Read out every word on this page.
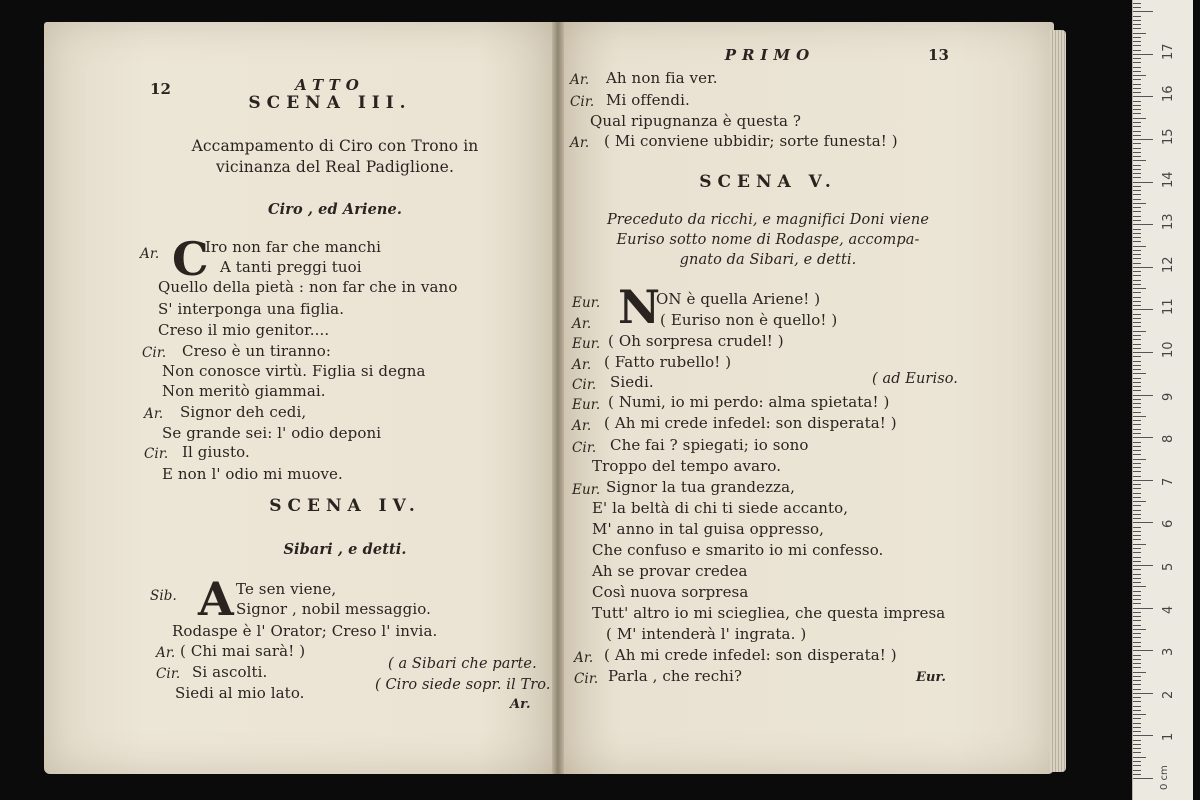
12	ATTO
SCENA III.
Accampamento di Ciro con Trono in
vicinanza del Real Padiglione.
Ciro , ed Ariene.
Ar. C
Iro non far che manchi
A tanti preggi tuoi
Quello della pietà : non far che in vano
S' interponga una figlia.
Creso il mio genitor....
Cir. Creso è un tiranno:
Non conosce virtù. Figlia si degna
Non meritò giammai.
Ar. Signor deh cedi,
Se grande sei: l' odio deponi
Cir. Il giusto.
E non l' odio mi muove.
SCENA IV.
Sibari , e detti.
Sib. A Te sen viene,
Signor , nobil messaggio.
Rodaspe è l' Orator; Creso l' invia.
Ar. ( Chi mai sarà! )
Cir. Si ascolti.
Siedi al mio lato.
( a Sibari che parte.
( Ciro siede sopr. il Tro.
Ar.
PRIMO	13
Ar. Ah non fia ver.
Cir. Mi offendi.
Qual ripugnanza è questa ?
Ar. ( Mi conviene ubbidir; sorte funesta! )
SCENA V.
Preceduto da ricchi, e magnifici Doni viene
Euriso sotto nome di Rodaspe, accompa-
gnato da Sibari, e detti.
Eur. N
ON è quella Ariene! )
Ar.	( Euriso non è quello! )
Eur. ( Oh sorpresa crudel! )
Ar. ( Fatto rubello! )
Cir. Siedi.	( ad Euriso.
Eur. ( Numi, io mi perdo: alma spietata! )
Ar. ( Ah mi crede infedel: son disperata! )
Cir. Che fai ? spiegati; io sono
Troppo del tempo avaro.
Eur. Signor la tua grandezza,
E' la beltà di chi ti siede accanto,
M' anno in tal guisa oppresso,
Che confuso e smarito io mi confesso.
Ah se provar credea
Così nuova sorpresa
Tutt' altro io mi sciegliea, che questa impresa
( M' intenderà l' ingrata. )
Ar. ( Ah mi crede infedel: son disperata! )
Cir. Parla , che rechi?	Eur.
0 cm
1
2
3
4
5
6
7
8
9
10
11
12
13
14
15
16
17
